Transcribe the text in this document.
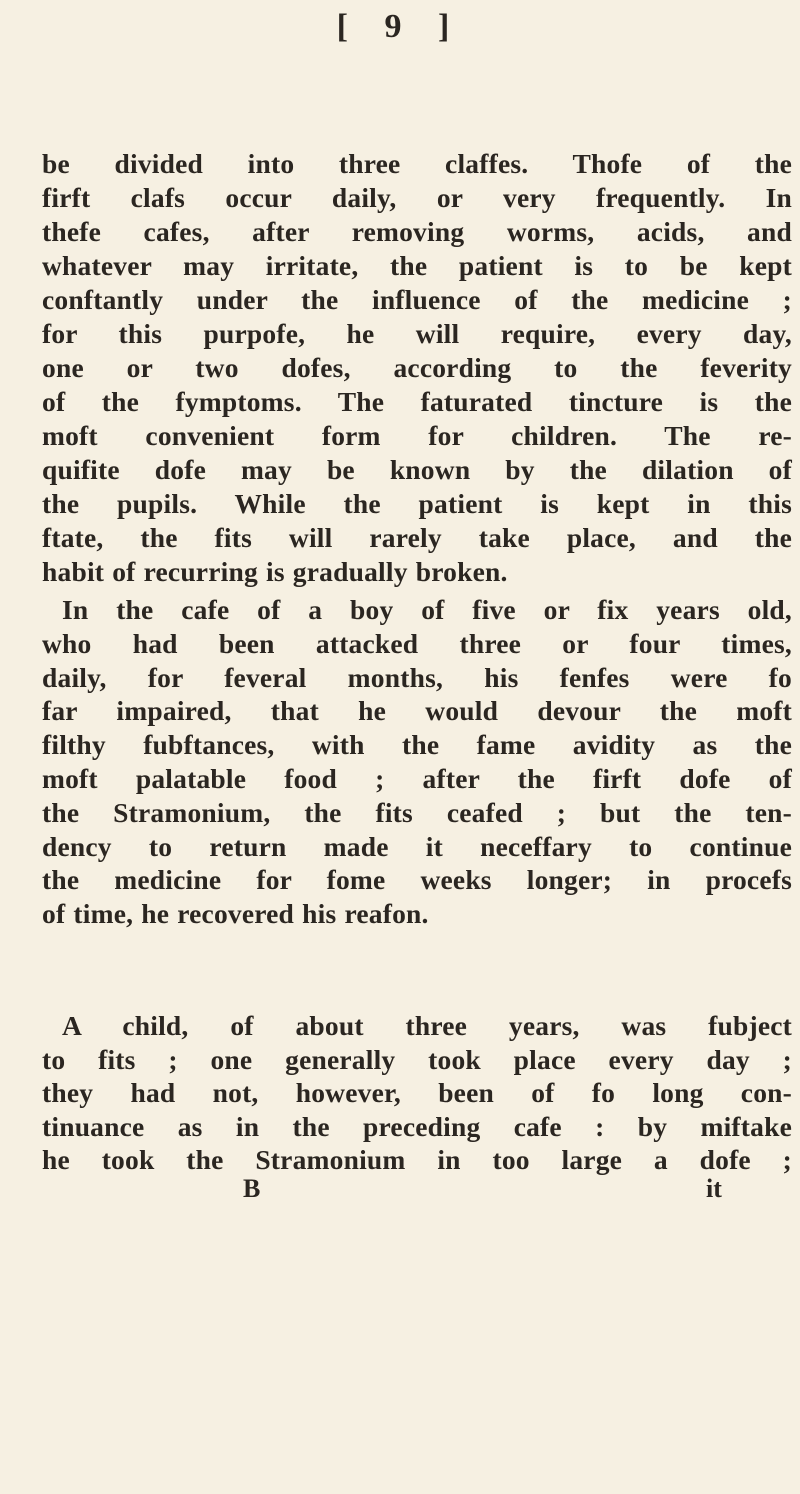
[ 9 ]
be divided into three claffes. Thofe of the
firft clafs occur daily, or very frequently. In
thefe cafes, after removing worms, acids, and
whatever may irritate, the patient is to be kept
conftantly under the influence of the medicine ;
for this purpofe, he will require, every day,
one or two dofes, according to the feverity
of the fymptoms. The faturated tincture is the
moft convenient form for children. The re-
quifite dofe may be known by the dilation of
the pupils. While the patient is kept in this
ftate, the fits will rarely take place, and the
habit of recurring is gradually broken.
In the cafe of a boy of five or fix years old,
who had been attacked three or four times,
daily, for feveral months, his fenfes were fo
far impaired, that he would devour the moft
filthy fubftances, with the fame avidity as the
moft palatable food ; after the firft dofe of
the Stramonium, the fits ceafed ; but the ten-
dency to return made it neceffary to continue
the medicine for fome weeks longer; in procefs
of time, he recovered his reafon.
A child, of about three years, was fubject
to fits ; one generally took place every day ;
they had not, however, been of fo long con-
tinuance as in the preceding cafe : by miftake
he took the Stramonium in too large a dofe ;
B	it
